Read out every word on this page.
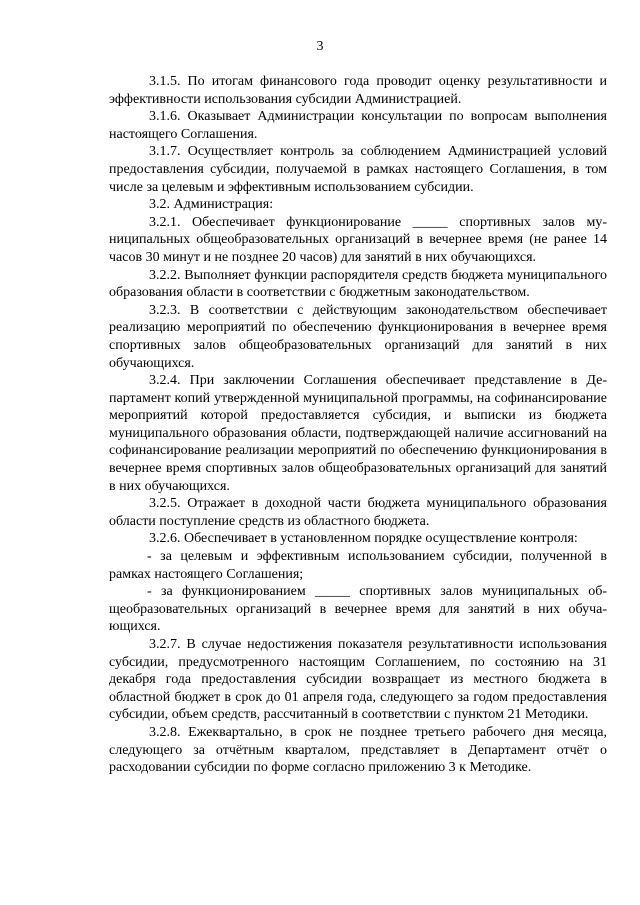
3

3.1.5. По итогам финансового года проводит оценку результативности и эффективности использования субсидии Администрацией.

3.1.6. Оказывает Администрации консультации по вопросам выполнения настоящего Соглашения.

3.1.7. Осуществляет контроль за соблюдением Администрацией условий предоставления субсидии, получаемой в рамках настоящего Соглашения, в том числе за целевым и эффективным использованием субсидии.

3.2. Администрация:

3.2.1. Обеспечивает функционирование _____ спортивных залов муниципальных общеобразовательных организаций в вечернее время (не ранее 14 часов 30 минут и не позднее 20 часов) для занятий в них обучающихся.

3.2.2. Выполняет функции распорядителя средств бюджета муниципального образования области в соответствии с бюджетным законодательством.

3.2.3. В соответствии с действующим законодательством обеспечивает реализацию мероприятий по обеспечению функционирования в вечернее время спортивных залов общеобразовательных организаций для занятий в них обучающихся.

3.2.4. При заключении Соглашения обеспечивает представление в Департамент копий утвержденной муниципальной программы, на софинансирование мероприятий которой предоставляется субсидия, и выписки из бюджета муниципального образования области, подтверждающей наличие ассигнований на софинансирование реализации мероприятий по обеспечению функционирования в вечернее время спортивных залов общеобразовательных организаций для занятий в них обучающихся.

3.2.5. Отражает в доходной части бюджета муниципального образования области поступление средств из областного бюджета.

3.2.6. Обеспечивает в установленном порядке осуществление контроля:

- за целевым и эффективным использованием субсидии, полученной в рамках настоящего Соглашения;

- за функционированием _____ спортивных залов муниципальных общеобразовательных организаций в вечернее время для занятий в них обучающихся.

3.2.7. В случае недостижения показателя результативности использования субсидии, предусмотренного настоящим Соглашением, по состоянию на 31 декабря года предоставления субсидии возвращает из местного бюджета в областной бюджет в срок до 01 апреля года, следующего за годом предоставления субсидии, объем средств, рассчитанный в соответствии с пунктом 21 Методики.

3.2.8. Ежеквартально, в срок не позднее третьего рабочего дня месяца, следующего за отчётным кварталом, представляет в Департамент отчёт о расходовании субсидии по форме согласно приложению 3 к Методике.
